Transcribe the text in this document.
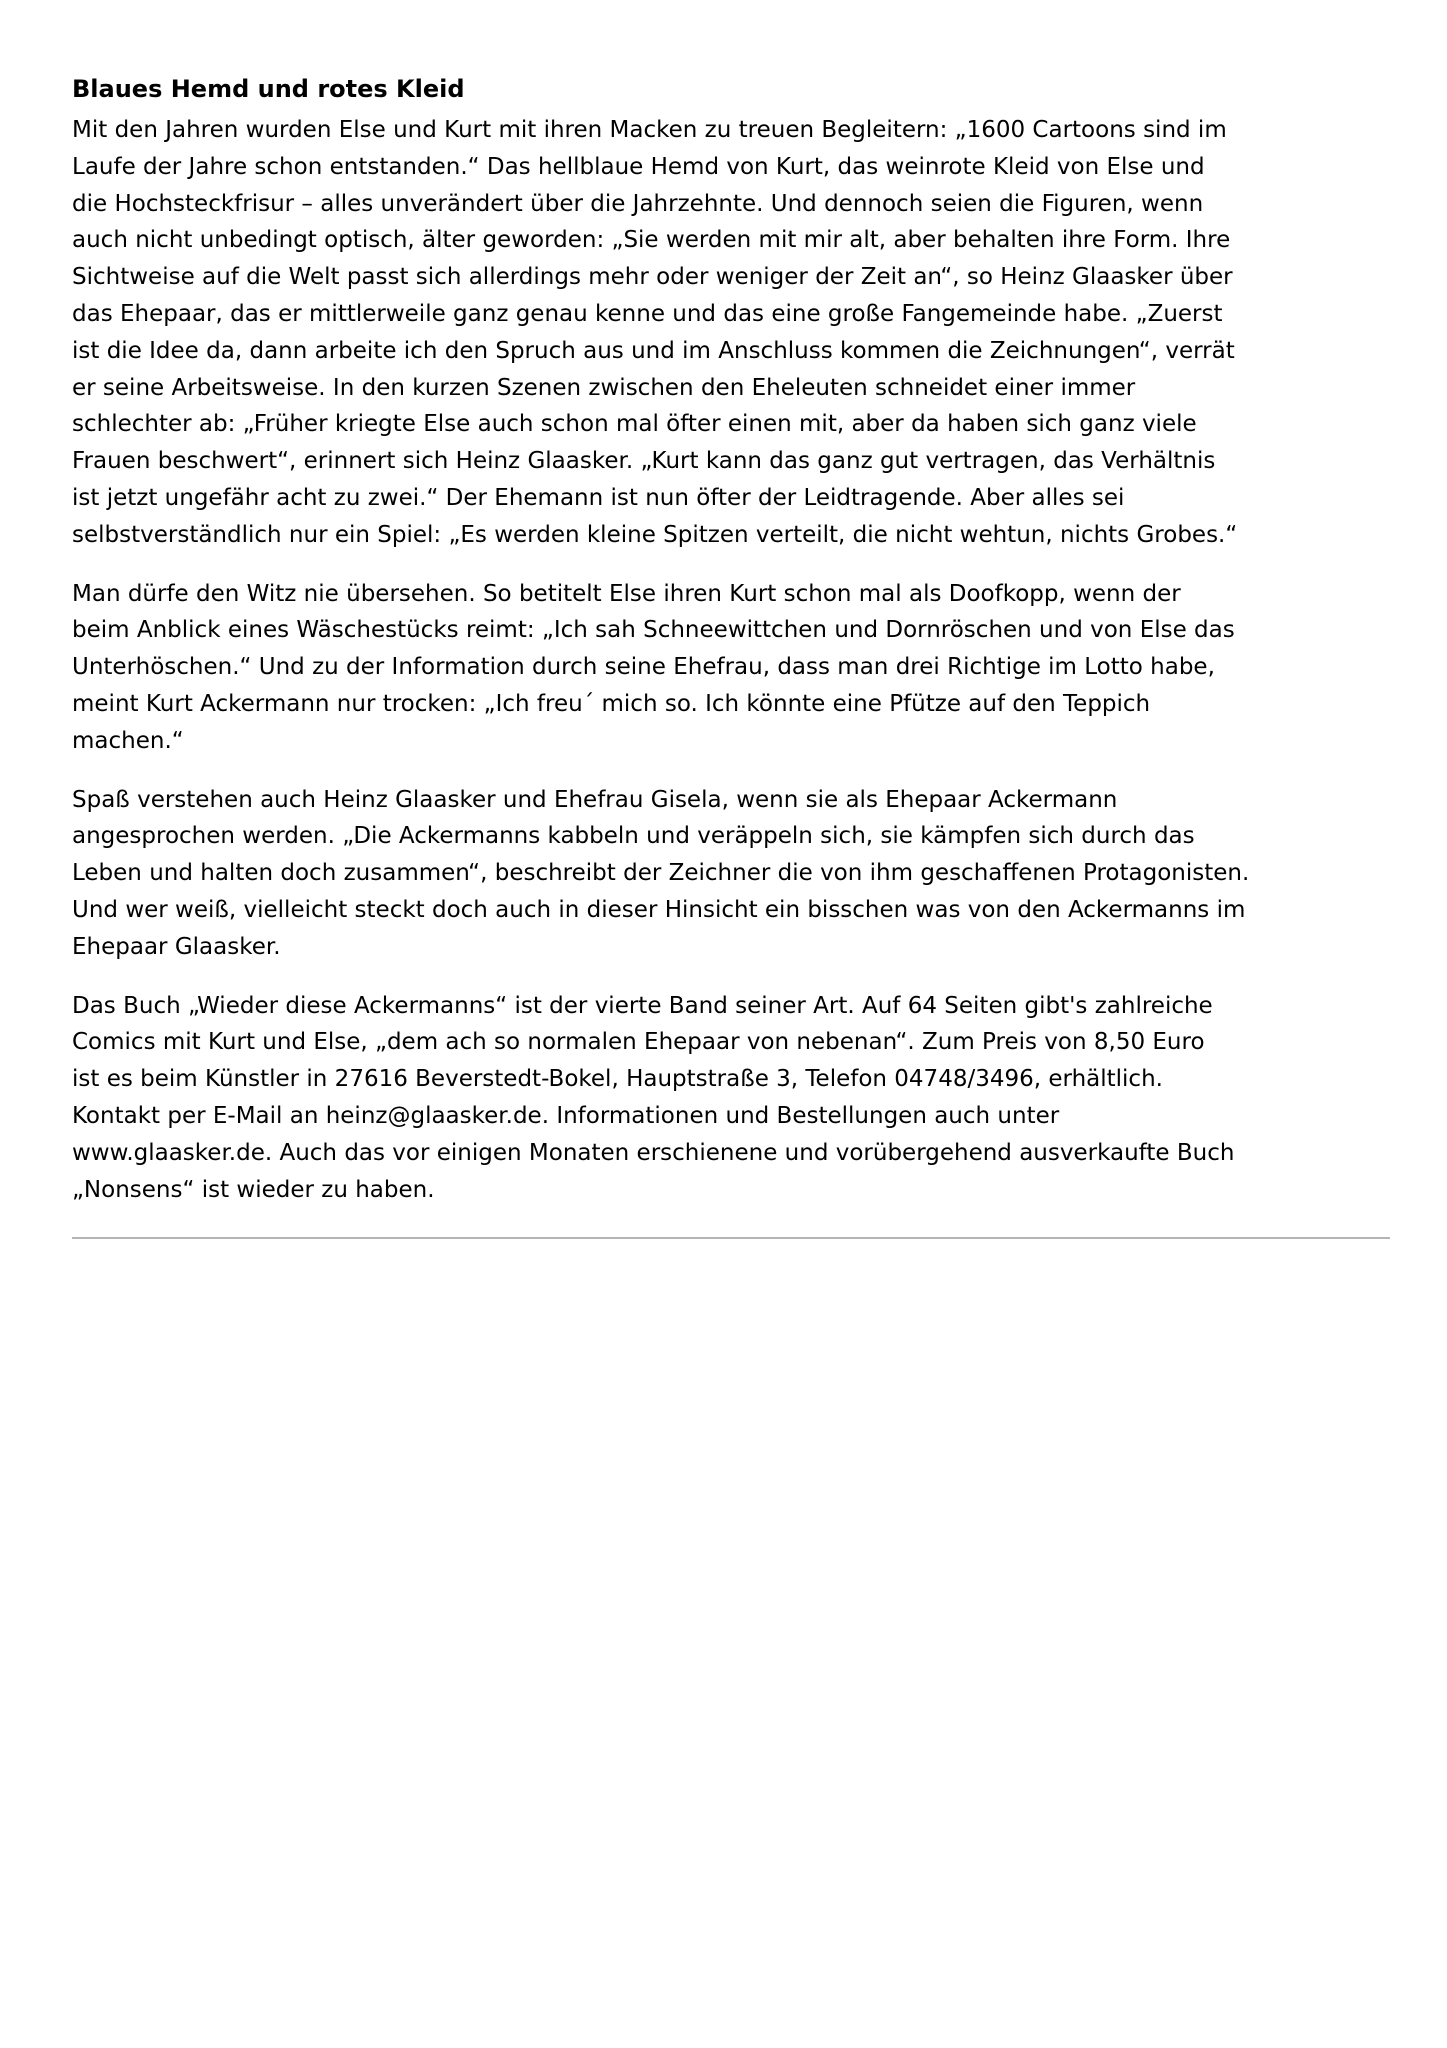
Blaues Hemd und rotes Kleid

Mit den Jahren wurden Else und Kurt mit ihren Macken zu treuen Begleitern: „1600 Cartoons sind im
Laufe der Jahre schon entstanden.“ Das hellblaue Hemd von Kurt, das weinrote Kleid von Else und
die Hochsteckfrisur – alles unverändert über die Jahrzehnte. Und dennoch seien die Figuren, wenn
auch nicht unbedingt optisch, älter geworden: „Sie werden mit mir alt, aber behalten ihre Form. Ihre
Sichtweise auf die Welt passt sich allerdings mehr oder weniger der Zeit an“, so Heinz Glaasker über
das Ehepaar, das er mittlerweile ganz genau kenne und das eine große Fangemeinde habe. „Zuerst
ist die Idee da, dann arbeite ich den Spruch aus und im Anschluss kommen die Zeichnungen“, verrät
er seine Arbeitsweise. In den kurzen Szenen zwischen den Eheleuten schneidet einer immer
schlechter ab: „Früher kriegte Else auch schon mal öfter einen mit, aber da haben sich ganz viele
Frauen beschwert“, erinnert sich Heinz Glaasker. „Kurt kann das ganz gut vertragen, das Verhältnis
ist jetzt ungefähr acht zu zwei.“ Der Ehemann ist nun öfter der Leidtragende. Aber alles sei
selbstverständlich nur ein Spiel: „Es werden kleine Spitzen verteilt, die nicht wehtun, nichts Grobes.“

Man dürfe den Witz nie übersehen. So betitelt Else ihren Kurt schon mal als Doofkopp, wenn der
beim Anblick eines Wäschestücks reimt: „Ich sah Schneewittchen und Dornröschen und von Else das
Unterhöschen.“ Und zu der Information durch seine Ehefrau, dass man drei Richtige im Lotto habe,
meint Kurt Ackermann nur trocken: „Ich freu´ mich so. Ich könnte eine Pfütze auf den Teppich
machen.“

Spaß verstehen auch Heinz Glaasker und Ehefrau Gisela, wenn sie als Ehepaar Ackermann
angesprochen werden. „Die Ackermanns kabbeln und veräppeln sich, sie kämpfen sich durch das
Leben und halten doch zusammen“, beschreibt der Zeichner die von ihm geschaffenen Protagonisten.
Und wer weiß, vielleicht steckt doch auch in dieser Hinsicht ein bisschen was von den Ackermanns im
Ehepaar Glaasker.

Das Buch „Wieder diese Ackermanns“ ist der vierte Band seiner Art. Auf 64 Seiten gibt's zahlreiche
Comics mit Kurt und Else, „dem ach so normalen Ehepaar von nebenan“. Zum Preis von 8,50 Euro
ist es beim Künstler in 27616 Beverstedt-Bokel, Hauptstraße 3, Telefon 04748/3496, erhältlich.
Kontakt per E-Mail an heinz@glaasker.de. Informationen und Bestellungen auch unter
www.glaasker.de. Auch das vor einigen Monaten erschienene und vorübergehend ausverkaufte Buch
„Nonsens“ ist wieder zu haben.
